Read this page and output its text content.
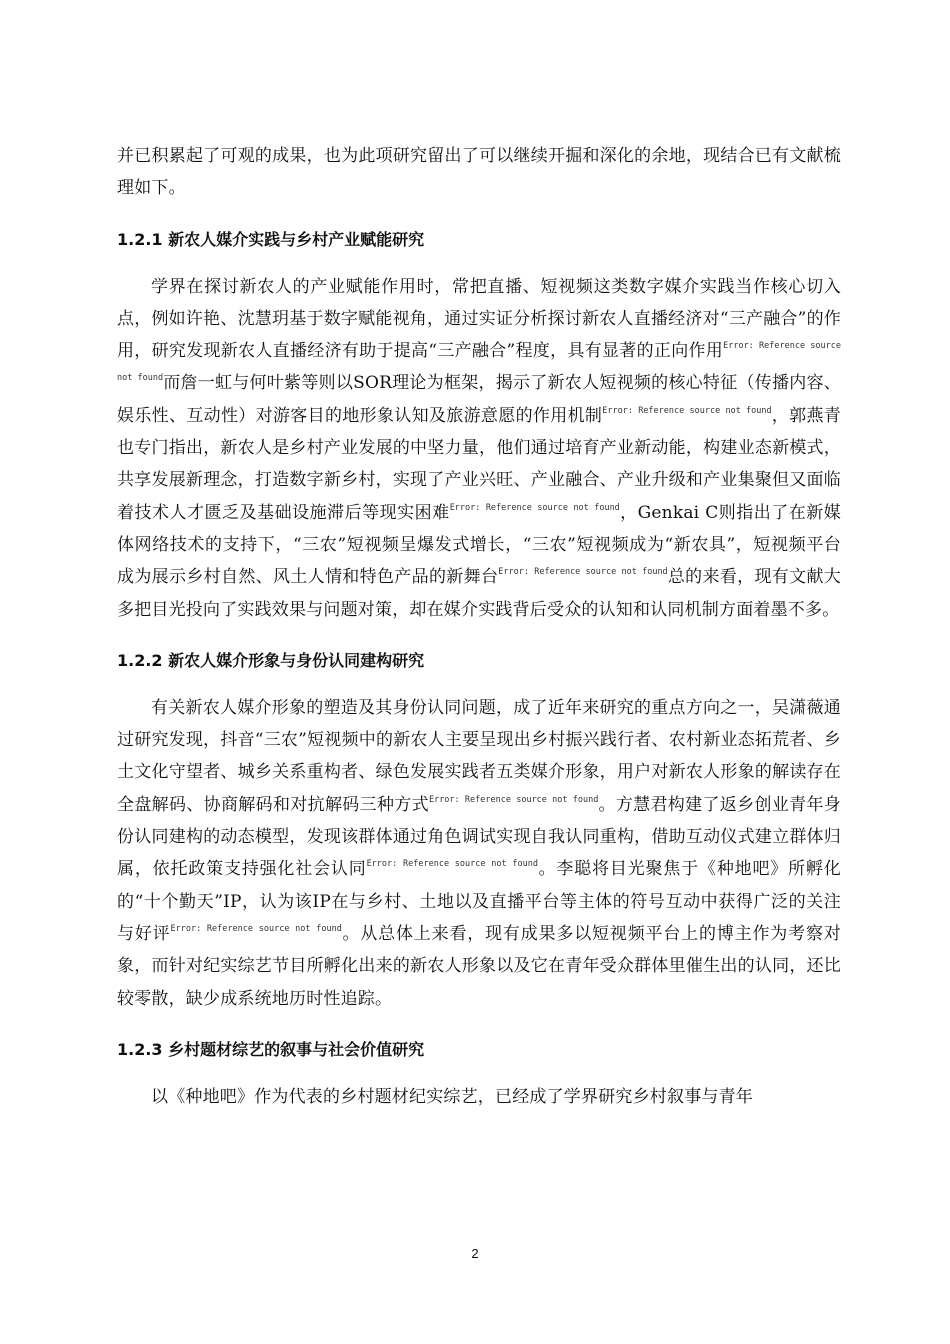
并已积累起了可观的成果，也为此项研究留出了可以继续开掘和深化的余地，现结合已有文献梳理如下。

1.2.1 新农人媒介实践与乡村产业赋能研究

学界在探讨新农人的产业赋能作用时，常把直播、短视频这类数字媒介实践当作核心切入点，例如许艳、沈慧玥基于数字赋能视角，通过实证分析探讨新农人直播经济对“三产融合”的作用，研究发现新农人直播经济有助于提高“三产融合”程度，具有显著的正向作用$^{Error: Reference source not found}$而詹一虹与何叶紫等则以SOR理论为框架，揭示了新农人短视频的核心特征（传播内容、娱乐性、互动性）对游客目的地形象认知及旅游意愿的作用机制$^{Error: Reference source not found}$，郭燕青也专门指出，新农人是乡村产业发展的中坚力量，他们通过培育产业新动能，构建业态新模式，共享发展新理念，打造数字新乡村，实现了产业兴旺、产业融合、产业升级和产业集聚但又面临着技术人才匮乏及基础设施滞后等现实困难$^{Error: Reference source not found}$，Genkai C则指出了在新媒体网络技术的支持下，“三农”短视频呈爆发式增长，“三农”短视频成为“新农具”，短视频平台成为展示乡村自然、风土人情和特色产品的新舞台$^{Error: Reference source not found}$总的来看，现有文献大多把目光投向了实践效果与问题对策，却在媒介实践背后受众的认知和认同机制方面着墨不多。

1.2.2 新农人媒介形象与身份认同建构研究

有关新农人媒介形象的塑造及其身份认同问题，成了近年来研究的重点方向之一，吴潇薇通过研究发现，抖音“三农”短视频中的新农人主要呈现出乡村振兴践行者、农村新业态拓荒者、乡土文化守望者、城乡关系重构者、绿色发展实践者五类媒介形象，用户对新农人形象的解读存在全盘解码、协商解码和对抗解码三种方式$^{Error: Reference source not found}$。方慧君构建了返乡创业青年身份认同建构的动态模型，发现该群体通过角色调试实现自我认同重构，借助互动仪式建立群体归属，依托政策支持强化社会认同$^{Error: Reference source not found}$。李聪将目光聚焦于《种地吧》所孵化的“十个勤天”IP，认为该IP在与乡村、土地以及直播平台等主体的符号互动中获得广泛的关注与好评$^{Error: Reference source not found}$。从总体上来看，现有成果多以短视频平台上的博主作为考察对象，而针对纪实综艺节目所孵化出来的新农人形象以及它在青年受众群体里催生出的认同，还比较零散，缺少成系统地历时性追踪。

1.2.3 乡村题材综艺的叙事与社会价值研究

以《种地吧》作为代表的乡村题材纪实综艺，已经成了学界研究乡村叙事与青年

2
